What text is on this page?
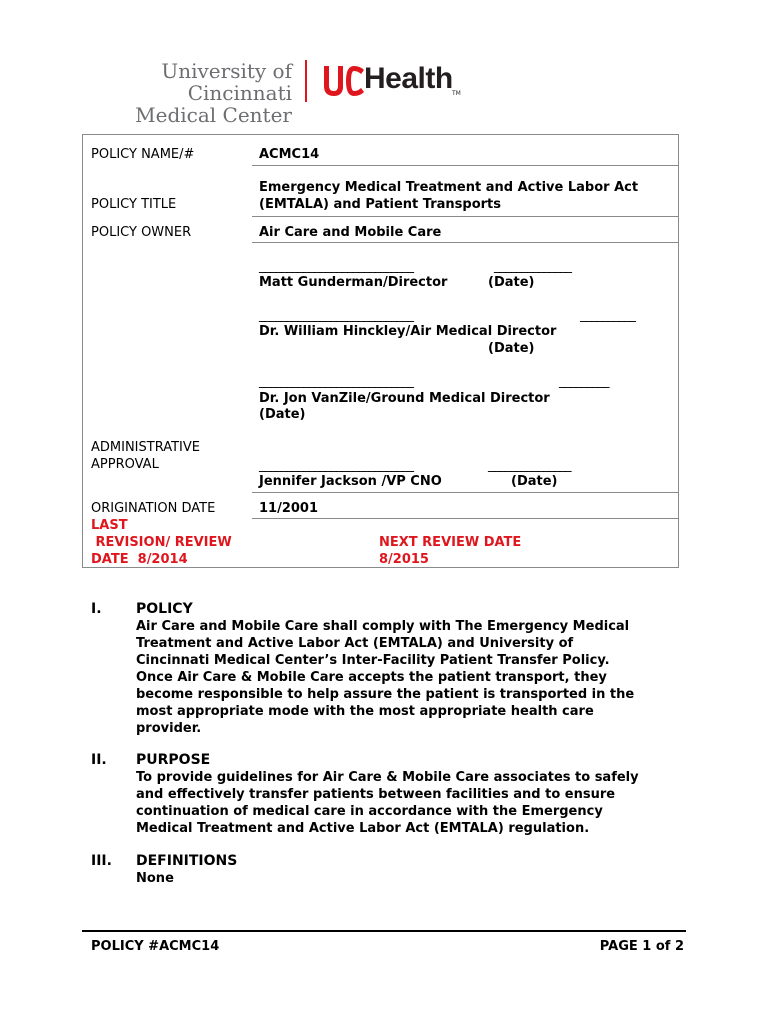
University of Cincinnati
Medical Center
Health TM
POLICY NAME/#	ACMC14
POLICY TITLE
Emergency Medical Treatment and Active Labor Act
(EMTALA) and Patient Transports
POLICY OWNER	Air Care and Mobile Care
____________________________	______________
Matt Gunderman/Director	(Date)
____________________________	__________
Dr. William Hinckley/Air Medical Director
(Date)
____________________________	_________
Dr. Jon VanZile/Ground Medical Director
(Date)
ADMINISTRATIVE
APPROVAL	____________________________	_______________
Jennifer Jackson /VP CNO	(Date)
ORIGINATION DATE	11/2001
LAST
REVISION/ REVIEW
DATE  8/2014
NEXT REVIEW DATE
8/2015
I. POLICY
Air Care and Mobile Care shall comply with The Emergency Medical
Treatment and Active Labor Act (EMTALA) and University of
Cincinnati Medical Center’s Inter-Facility Patient Transfer Policy.
Once Air Care & Mobile Care accepts the patient transport, they
become responsible to help assure the patient is transported in the
most appropriate mode with the most appropriate health care
provider.
II. PURPOSE
To provide guidelines for Air Care & Mobile Care associates to safely
and effectively transfer patients between facilities and to ensure
continuation of medical care in accordance with the Emergency
Medical Treatment and Active Labor Act (EMTALA) regulation.
III. DEFINITIONS
None
POLICY #ACMC14	PAGE 1 of 2
